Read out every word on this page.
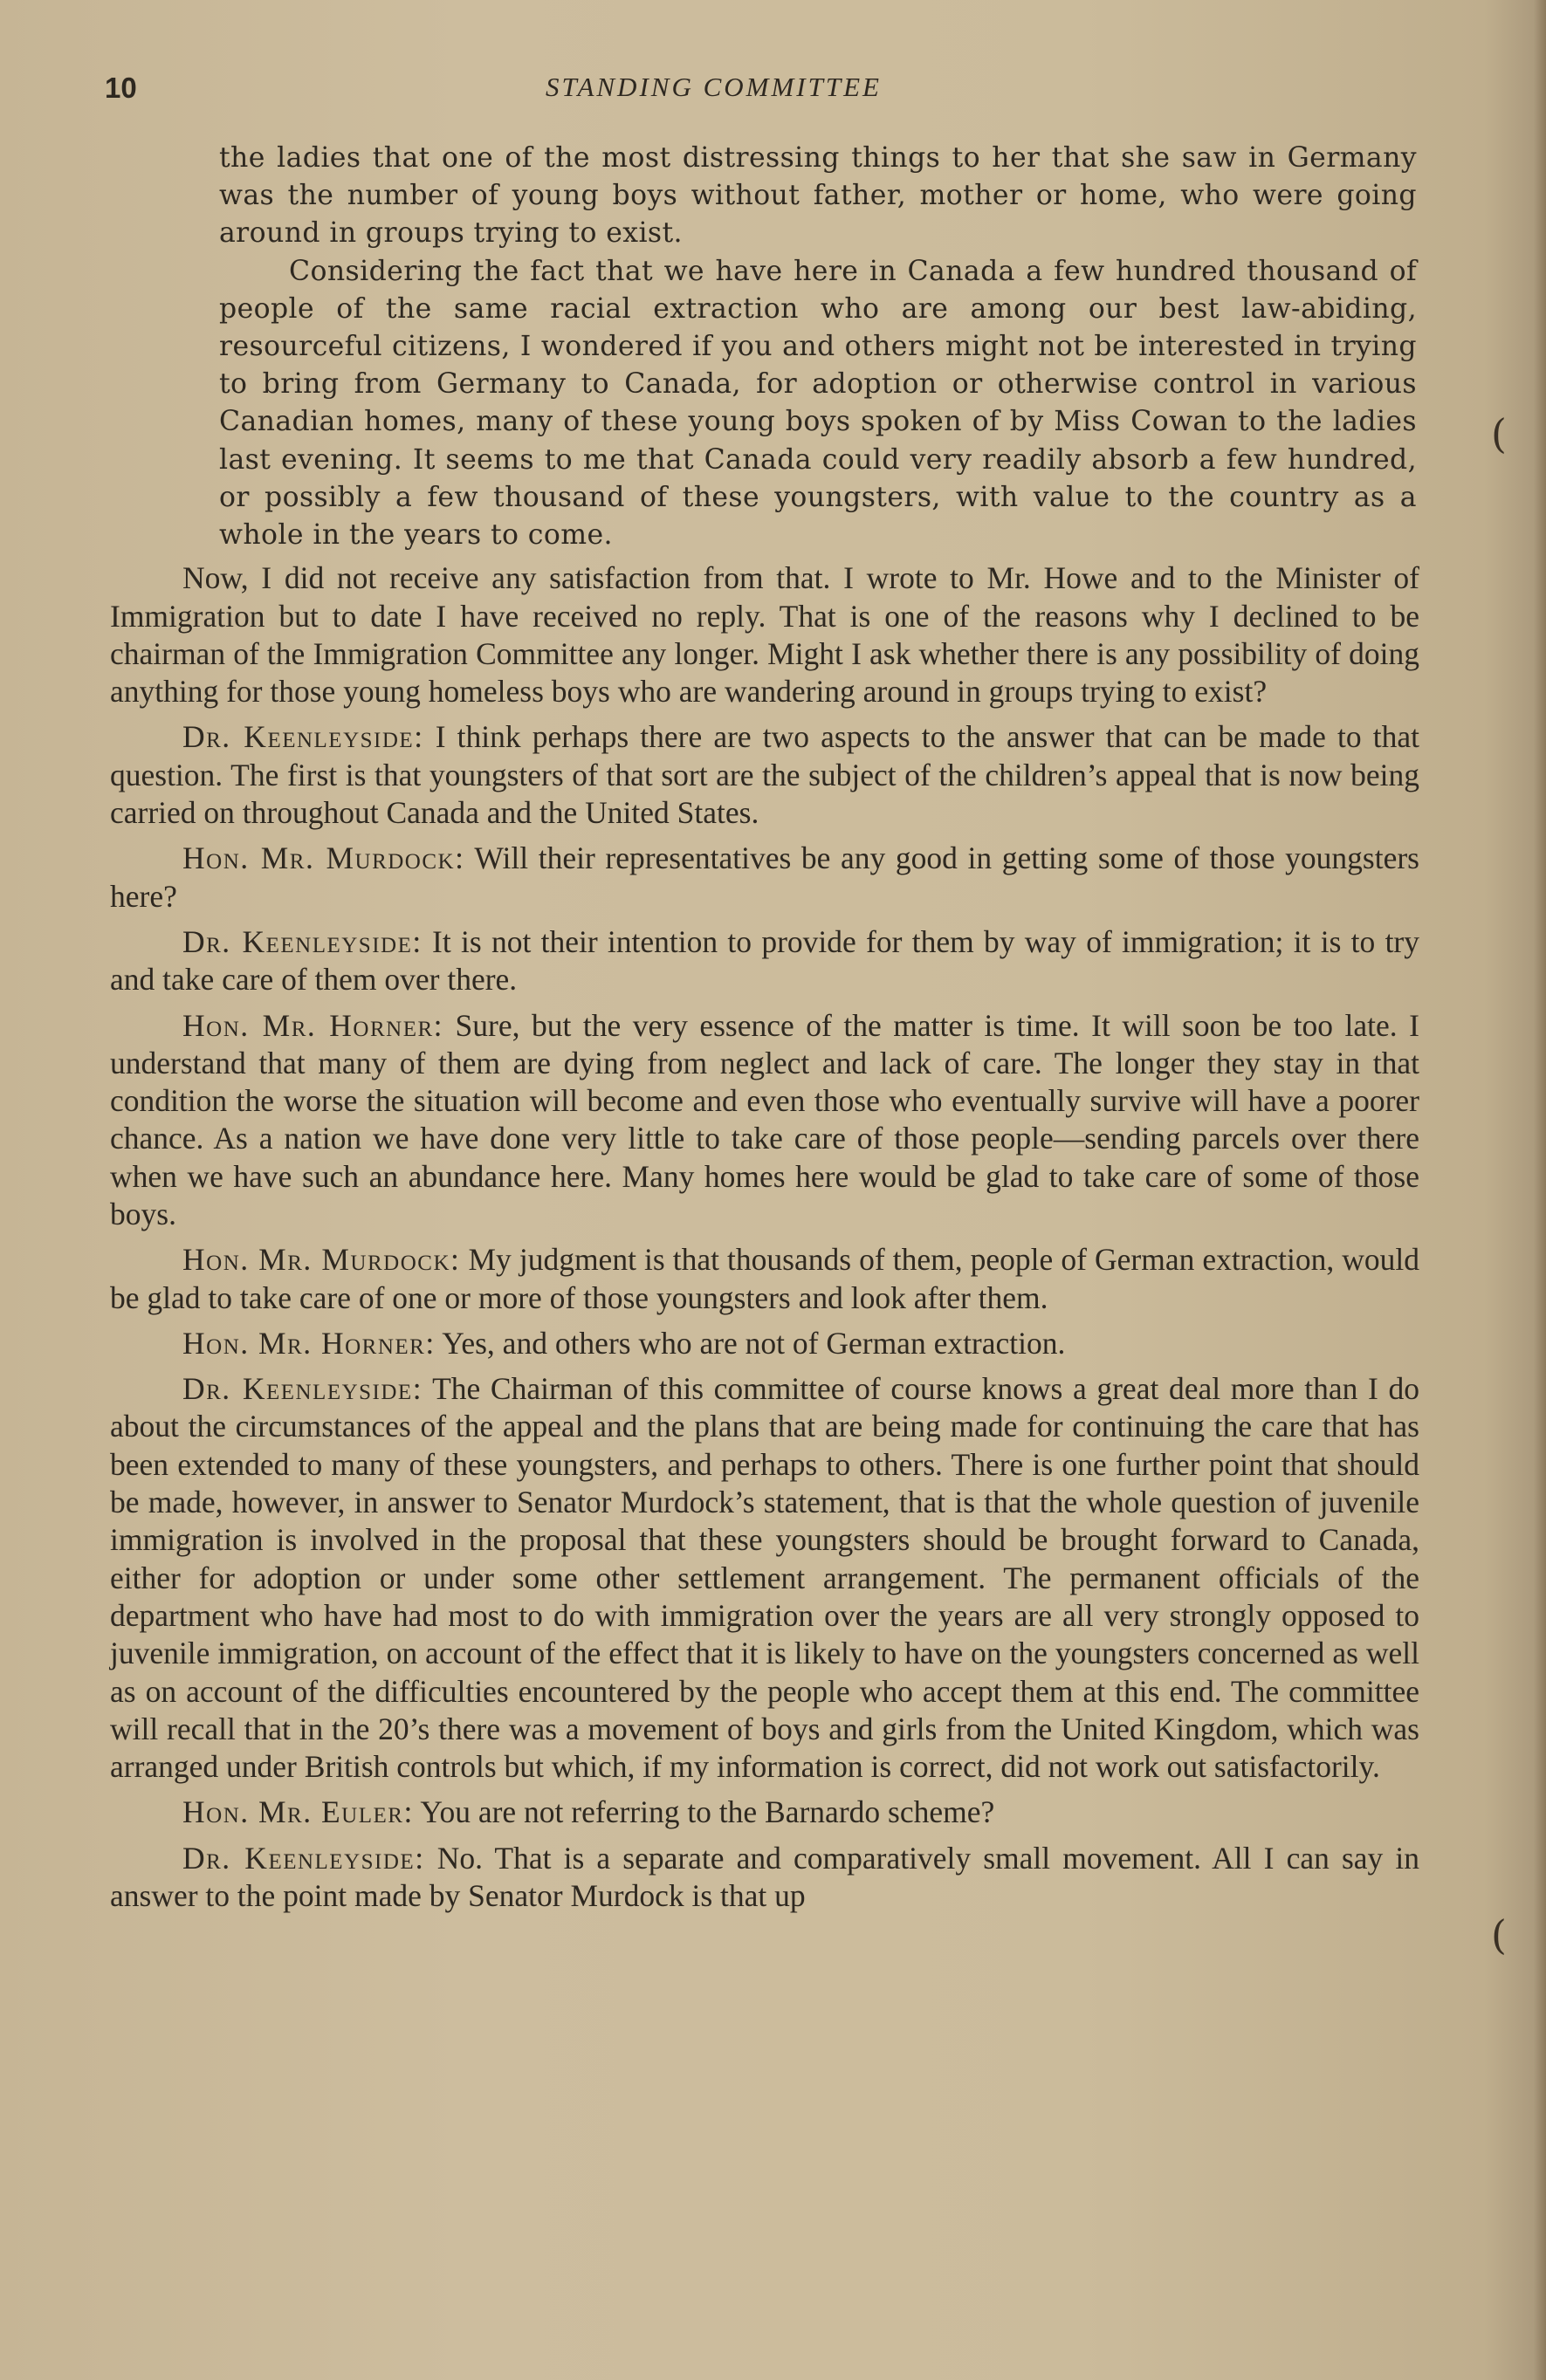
10	STANDING COMMITTEE

the ladies that one of the most distressing things to her that she saw in Germany was the number of young boys without father, mother or home, who were going around in groups trying to exist.

Considering the fact that we have here in Canada a few hundred thousand of people of the same racial extraction who are among our best law-abiding, resourceful citizens, I wondered if you and others might not be interested in trying to bring from Germany to Canada, for adoption or otherwise control in various Canadian homes, many of these young boys spoken of by Miss Cowan to the ladies last evening. It seems to me that Canada could very readily absorb a few hundred, or possibly a few thousand of these youngsters, with value to the country as a whole in the years to come.

Now, I did not receive any satisfaction from that. I wrote to Mr. Howe and to the Minister of Immigration but to date I have received no reply. That is one of the reasons why I declined to be chairman of the Immigration Committee any longer. Might I ask whether there is any possibility of doing anything for those young homeless boys who are wandering around in groups trying to exist?

Dr. Keenleyside: I think perhaps there are two aspects to the answer that can be made to that question. The first is that youngsters of that sort are the subject of the children’s appeal that is now being carried on throughout Canada and the United States.

Hon. Mr. Murdock: Will their representatives be any good in getting some of those youngsters here?

Dr. Keenleyside: It is not their intention to provide for them by way of immigration; it is to try and take care of them over there.

Hon. Mr. Horner: Sure, but the very essence of the matter is time. It will soon be too late. I understand that many of them are dying from neglect and lack of care. The longer they stay in that condition the worse the situation will become and even those who eventually survive will have a poorer chance. As a nation we have done very little to take care of those people—sending parcels over there when we have such an abundance here. Many homes here would be glad to take care of some of those boys.

Hon. Mr. Murdock: My judgment is that thousands of them, people of German extraction, would be glad to take care of one or more of those youngsters and look after them.

Hon. Mr. Horner: Yes, and others who are not of German extraction.

Dr. Keenleyside: The Chairman of this committee of course knows a great deal more than I do about the circumstances of the appeal and the plans that are being made for continuing the care that has been extended to many of these youngsters, and perhaps to others. There is one further point that should be made, however, in answer to Senator Murdock’s statement, that is that the whole question of juvenile immigration is involved in the proposal that these youngsters should be brought forward to Canada, either for adoption or under some other settlement arrangement. The permanent officials of the department who have had most to do with immigration over the years are all very strongly opposed to juvenile immigration, on account of the effect that it is likely to have on the youngsters concerned as well as on account of the difficulties encountered by the people who accept them at this end. The committee will recall that in the 20’s there was a movement of boys and girls from the United Kingdom, which was arranged under British controls but which, if my information is correct, did not work out satisfactorily.

Hon. Mr. Euler: You are not referring to the Barnardo scheme?

Dr. Keenleyside: No. That is a separate and comparatively small movement. All I can say in answer to the point made by Senator Murdock is that up

(
(
